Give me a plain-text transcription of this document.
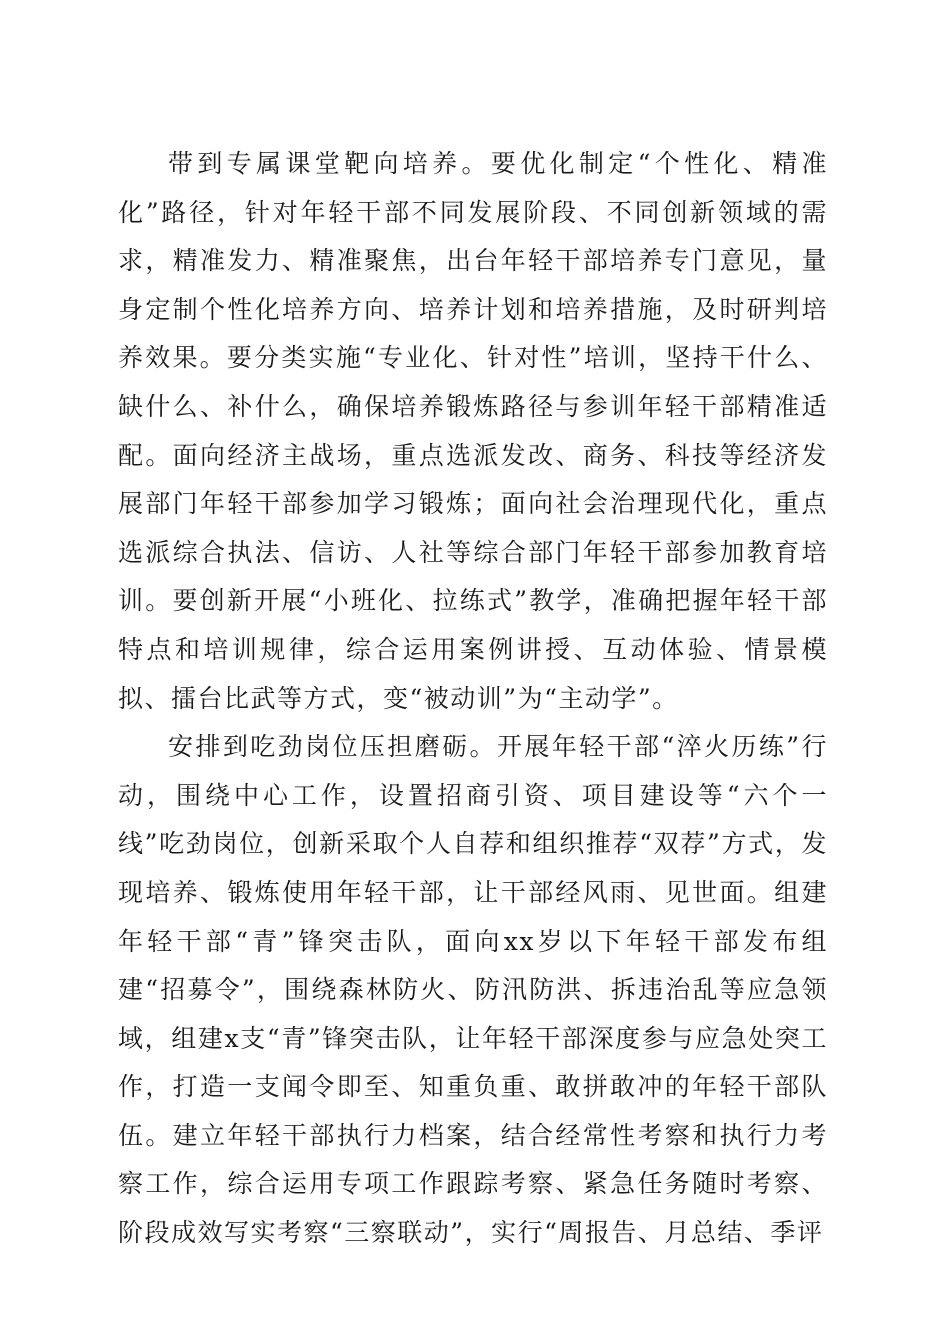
带到专属课堂靶向培养。要优化制定“个性化、精准化”路径，针对年轻干部不同发展阶段、不同创新领域的需求，精准发力、精准聚焦，出台年轻干部培养专门意见，量身定制个性化培养方向、培养计划和培养措施，及时研判培养效果。要分类实施“专业化、针对性”培训，坚持干什么、缺什么、补什么，确保培养锻炼路径与参训年轻干部精准适配。面向经济主战场，重点选派发改、商务、科技等经济发展部门年轻干部参加学习锻炼；面向社会治理现代化，重点选派综合执法、信访、人社等综合部门年轻干部参加教育培训。要创新开展“小班化、拉练式”教学，准确把握年轻干部特点和培训规律，综合运用案例讲授、互动体验、情景模拟、擂台比武等方式，变“被动训”为“主动学”。

安排到吃劲岗位压担磨砺。开展年轻干部“淬火历练”行动，围绕中心工作，设置招商引资、项目建设等“六个一线”吃劲岗位，创新采取个人自荐和组织推荐“双荐”方式，发现培养、锻炼使用年轻干部，让干部经风雨、见世面。组建年轻干部“青”锋突击队，面向xx岁以下年轻干部发布组建“招募令”，围绕森林防火、防汛防洪、拆违治乱等应急领域，组建x支“青”锋突击队，让年轻干部深度参与应急处突工作，打造一支闻令即至、知重负重、敢拼敢冲的年轻干部队伍。建立年轻干部执行力档案，结合经常性考察和执行力考察工作，综合运用专项工作跟踪考察、紧急任务随时考察、阶段成效写实考察“三察联动”，实行“周报告、月总结、季评
